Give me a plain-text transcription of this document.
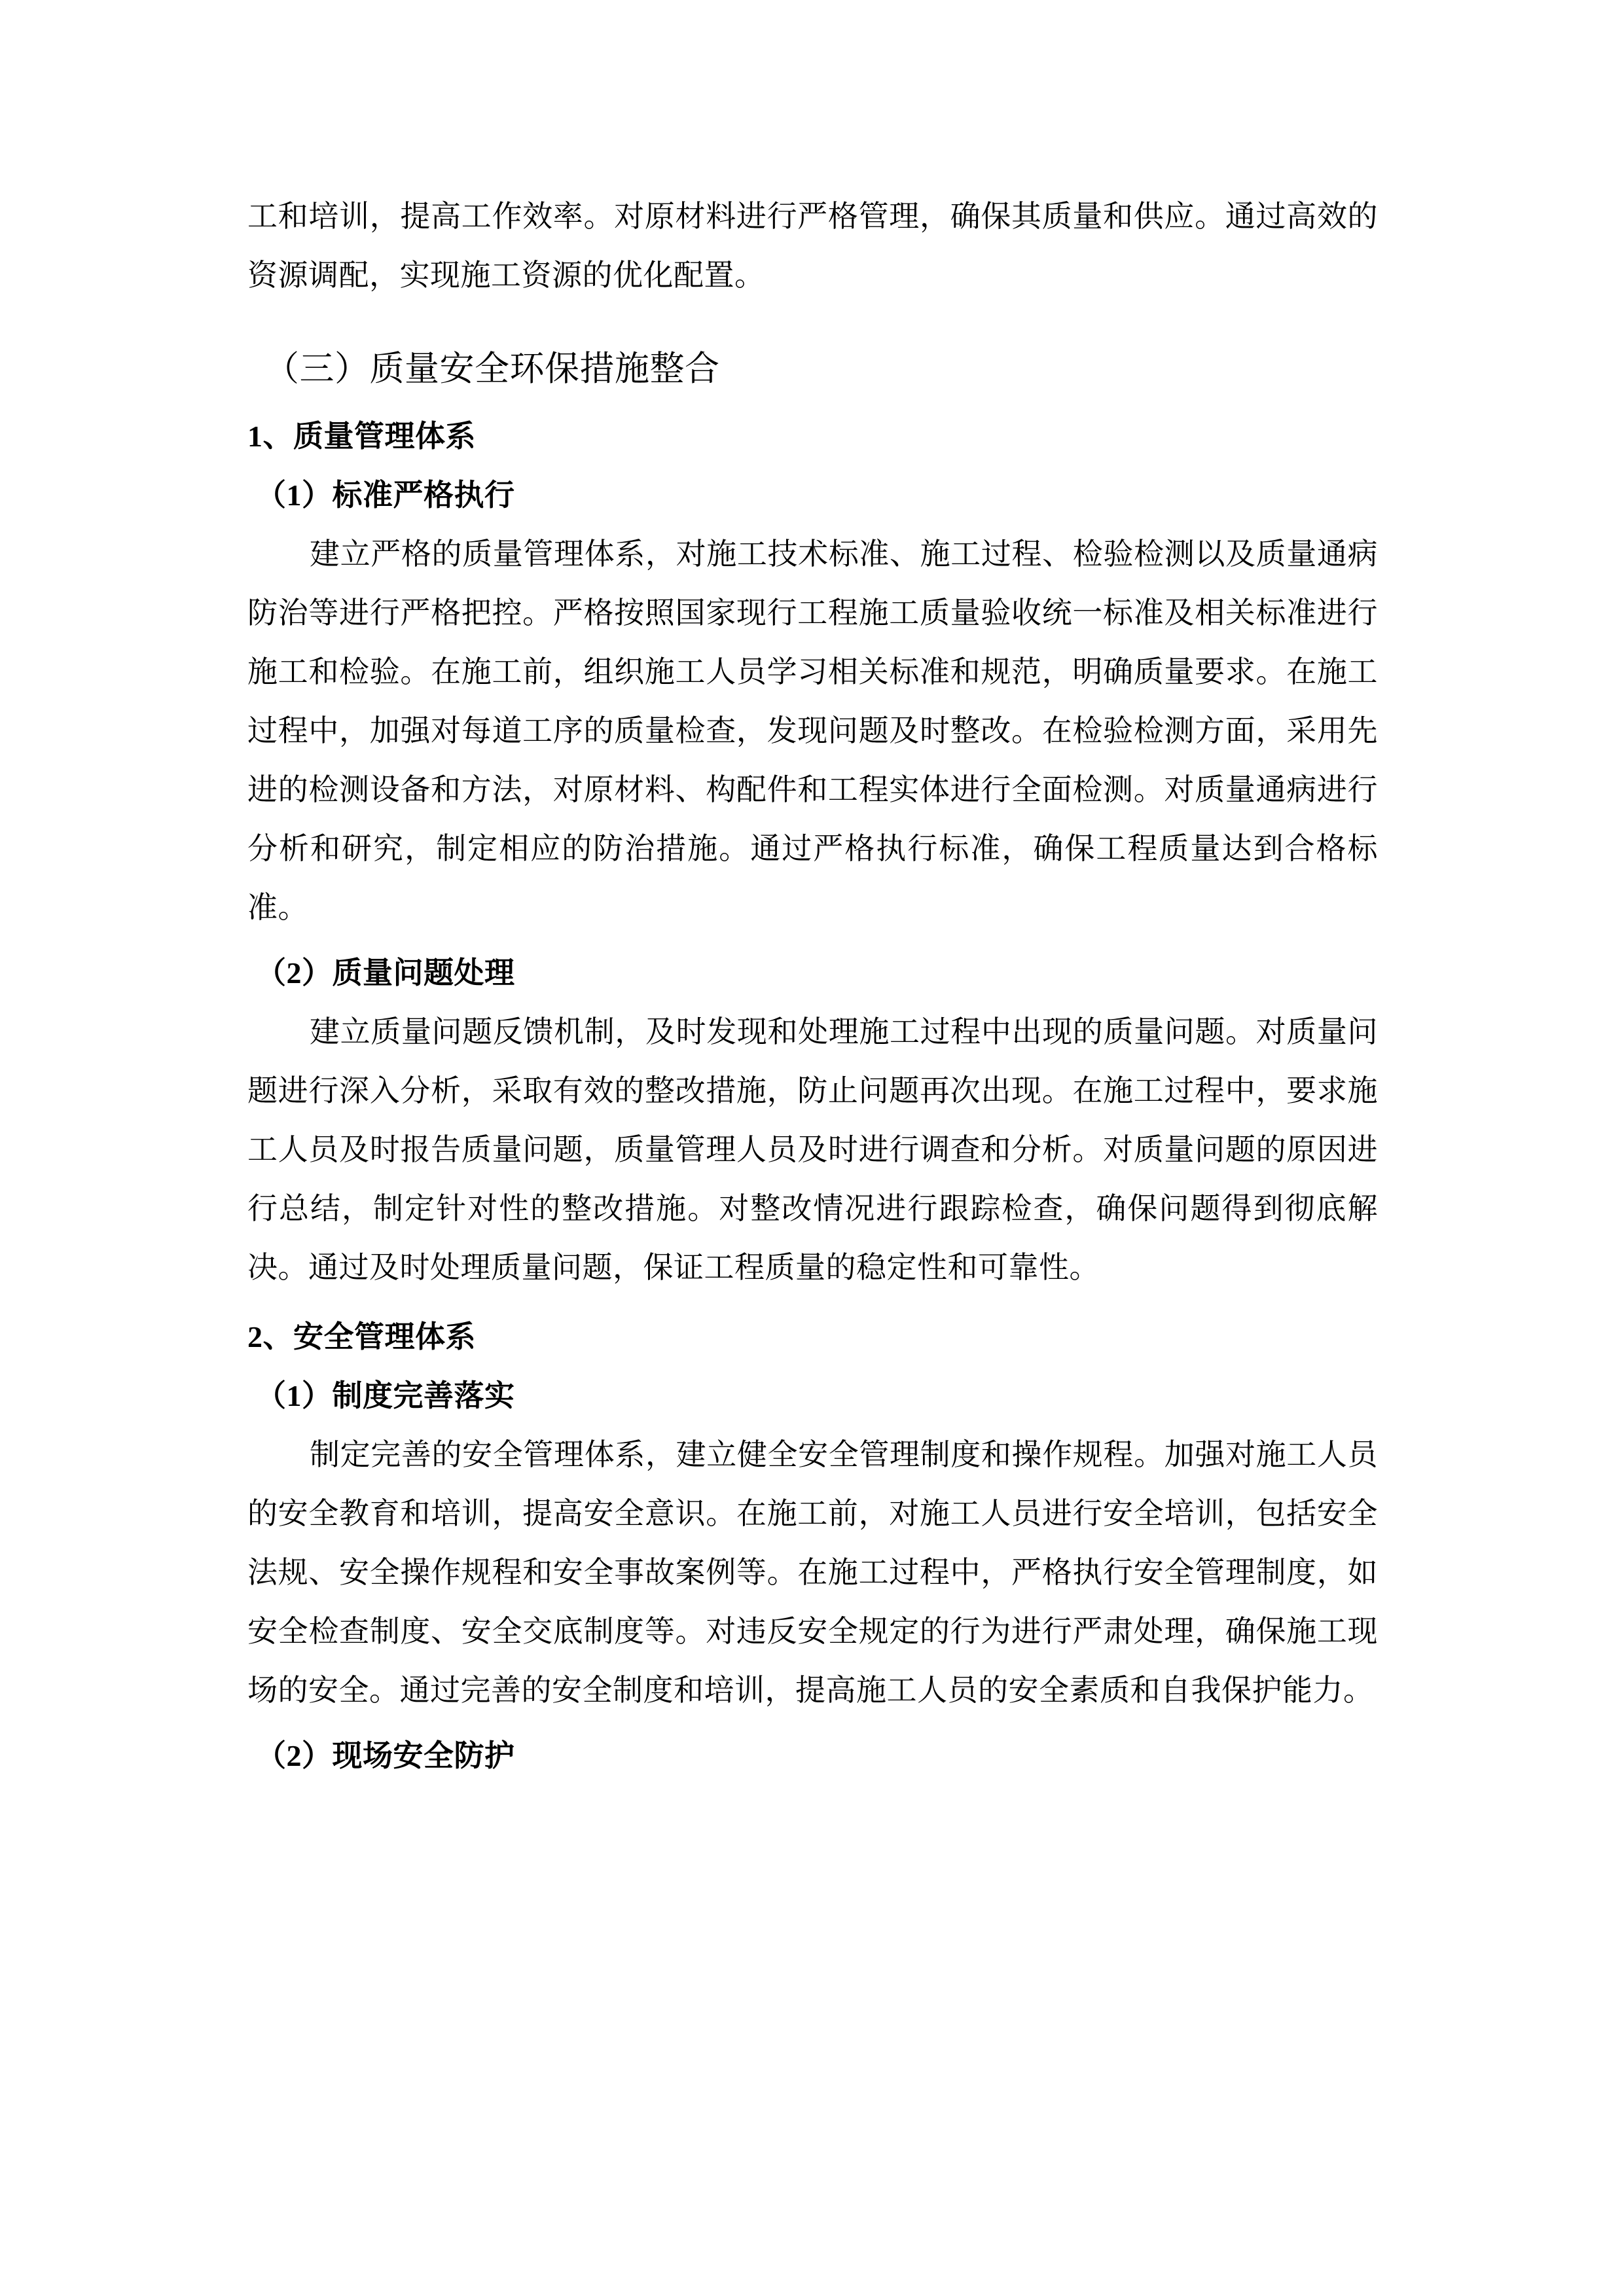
工和培训，提高工作效率。对原材料进行严格管理，确保其质量和供应。通过高效的资源调配，实现施工资源的优化配置。

（三）质量安全环保措施整合
1、质量管理体系
（1）标准严格执行

建立严格的质量管理体系，对施工技术标准、施工过程、检验检测以及质量通病防治等进行严格把控。严格按照国家现行工程施工质量验收统一标准及相关标准进行施工和检验。在施工前，组织施工人员学习相关标准和规范，明确质量要求。在施工过程中，加强对每道工序的质量检查，发现问题及时整改。在检验检测方面，采用先进的检测设备和方法，对原材料、构配件和工程实体进行全面检测。对质量通病进行分析和研究，制定相应的防治措施。通过严格执行标准，确保工程质量达到合格标准。

（2）质量问题处理

建立质量问题反馈机制，及时发现和处理施工过程中出现的质量问题。对质量问题进行深入分析，采取有效的整改措施，防止问题再次出现。在施工过程中，要求施工人员及时报告质量问题，质量管理人员及时进行调查和分析。对质量问题的原因进行总结，制定针对性的整改措施。对整改情况进行跟踪检查，确保问题得到彻底解决。通过及时处理质量问题，保证工程质量的稳定性和可靠性。

2、安全管理体系
（1）制度完善落实

制定完善的安全管理体系，建立健全安全管理制度和操作规程。加强对施工人员的安全教育和培训，提高安全意识。在施工前，对施工人员进行安全培训，包括安全法规、安全操作规程和安全事故案例等。在施工过程中，严格执行安全管理制度，如安全检查制度、安全交底制度等。对违反安全规定的行为进行严肃处理，确保施工现场的安全。通过完善的安全制度和培训，提高施工人员的安全素质和自我保护能力。

（2）现场安全防护
